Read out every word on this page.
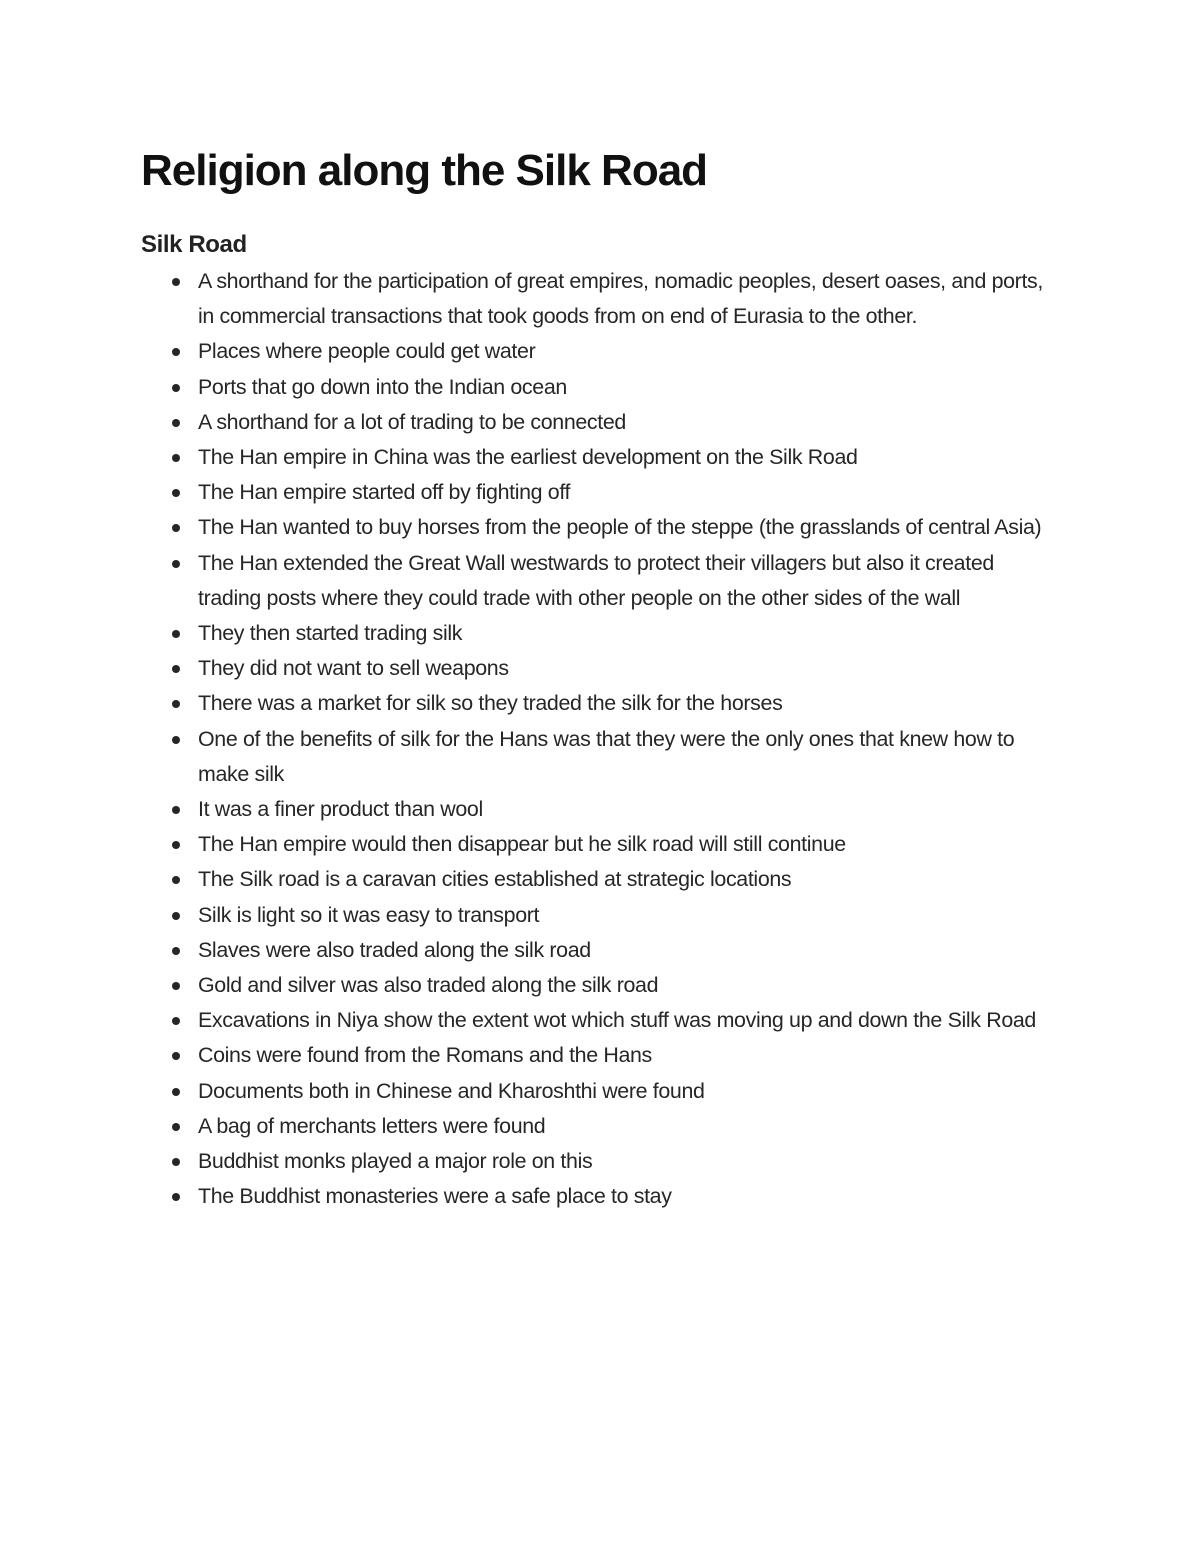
Religion along the Silk Road
Silk Road
A shorthand for the participation of great empires, nomadic peoples, desert oases, and ports, in commercial transactions that took goods from on end of Eurasia to the other.
Places where people could get water
Ports that go down into the Indian ocean
A shorthand for a lot of trading to be connected
The Han empire in China was the earliest development on the Silk Road
The Han empire started off by fighting off
The Han wanted to buy horses from the people of the steppe (the grasslands of central Asia)
The Han extended the Great Wall westwards to protect their villagers but also it created trading posts where they could trade with other people on the other sides of the wall
They then started trading silk
They did not want to sell weapons
There was a market for silk so they traded the silk for the horses
One of the benefits of silk for the Hans was that they were the only ones that knew how to make silk
It was a finer product than wool
The Han empire would then disappear but he silk road will still continue
The Silk road is a caravan cities established at strategic locations
Silk is light so it was easy to transport
Slaves were also traded along the silk road
Gold and silver was also traded along the silk road
Excavations in Niya show the extent wot which stuff was moving up and down the Silk Road
Coins were found from the Romans and the Hans
Documents both in Chinese and Kharoshthi were found
A bag of merchants letters were found
Buddhist monks played a major role on this
The Buddhist monasteries were a safe place to stay
